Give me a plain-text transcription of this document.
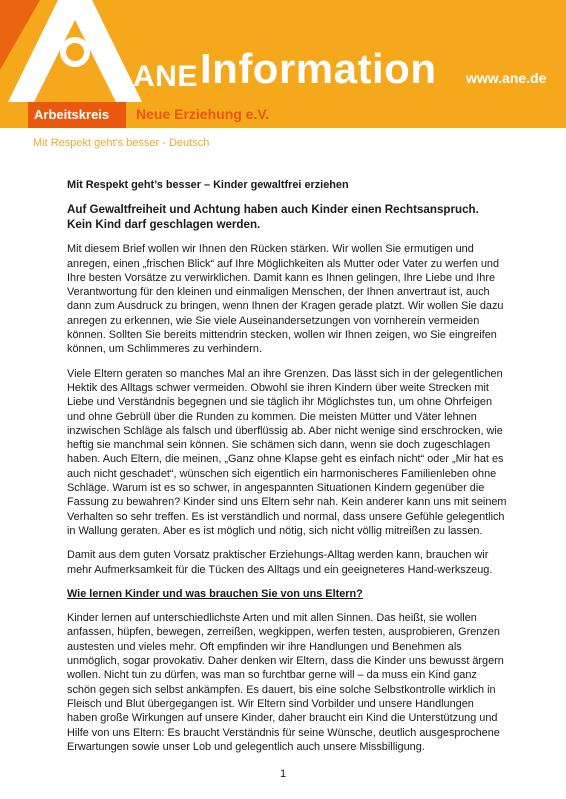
ANE Information www.ane.de
Arbeitskreis Neue Erziehung e.V.
Mit Respekt geht's besser - Deutsch

Mit Respekt geht’s besser – Kinder gewaltfrei erziehen

Auf Gewaltfreiheit und Achtung haben auch Kinder einen Rechtsanspruch. Kein Kind darf geschlagen werden.

Mit diesem Brief wollen wir Ihnen den Rücken stärken. Wir wollen Sie ermutigen und anregen, einen „frischen Blick“ auf Ihre Möglichkeiten als Mutter oder Vater zu werfen und Ihre besten Vorsätze zu verwirklichen. Damit kann es Ihnen gelingen, Ihre Liebe und Ihre Verantwortung für den kleinen und einmaligen Menschen, der Ihnen anvertraut ist, auch dann zum Ausdruck zu bringen, wenn Ihnen der Kragen gerade platzt. Wir wollen Sie dazu anregen zu erkennen, wie Sie viele Auseinandersetzungen von vornherein vermeiden können. Sollten Sie bereits mittendrin stecken, wollen wir Ihnen zeigen, wo Sie eingreifen können, um Schlimmeres zu verhindern.

Viele Eltern geraten so manches Mal an ihre Grenzen. Das lässt sich in der gelegentlichen Hektik des Alltags schwer vermeiden. Obwohl sie ihren Kindern über weite Strecken mit Liebe und Verständnis begegnen und sie täglich ihr Möglichstes tun, um ohne Ohrfeigen und ohne Gebrüll über die Runden zu kommen. Die meisten Mütter und Väter lehnen inzwischen Schläge als falsch und überflüssig ab. Aber nicht wenige sind erschrocken, wie heftig sie manchmal sein können. Sie schämen sich dann, wenn sie doch zugeschlagen haben. Auch Eltern, die meinen, „Ganz ohne Klapse geht es einfach nicht“ oder „Mir hat es auch nicht geschadet“, wünschen sich eigentlich ein harmonischeres Familienleben ohne Schläge. Warum ist es so schwer, in angespannten Situationen Kindern gegenüber die Fassung zu bewahren? Kinder sind uns Eltern sehr nah. Kein anderer kann uns mit seinem Verhalten so sehr treffen. Es ist verständlich und normal, dass unsere Gefühle gelegentlich in Wallung geraten. Aber es ist möglich und nötig, sich nicht völlig mitreißen zu lassen.

Damit aus dem guten Vorsatz praktischer Erziehungs-Alltag werden kann, brauchen wir mehr Aufmerksamkeit für die Tücken des Alltags und ein geeigneteres Hand-werkszeug.

Wie lernen Kinder und was brauchen Sie von uns Eltern?

Kinder lernen auf unterschiedlichste Arten und mit allen Sinnen. Das heißt, sie wollen anfassen, hüpfen, bewegen, zerreißen, wegkippen, werfen testen, ausprobieren, Grenzen austesten und vieles mehr. Oft empfinden wir ihre Handlungen und Benehmen als unmöglich, sogar provokativ. Daher denken wir Eltern, dass die Kinder uns bewusst ärgern wollen. Nicht tun zu dürfen, was man so furchtbar gerne will – da muss ein Kind ganz schön gegen sich selbst ankämpfen. Es dauert, bis eine solche Selbstkontrolle wirklich in Fleisch und Blut übergegangen ist. Wir Eltern sind Vorbilder und unsere Handlungen haben große Wirkungen auf unsere Kinder, daher braucht ein Kind die Unterstützung und Hilfe von uns Eltern: Es braucht Verständnis für seine Wünsche, deutlich ausgesprochene Erwartungen sowie unser Lob und gelegentlich auch unsere Missbilligung.

1
